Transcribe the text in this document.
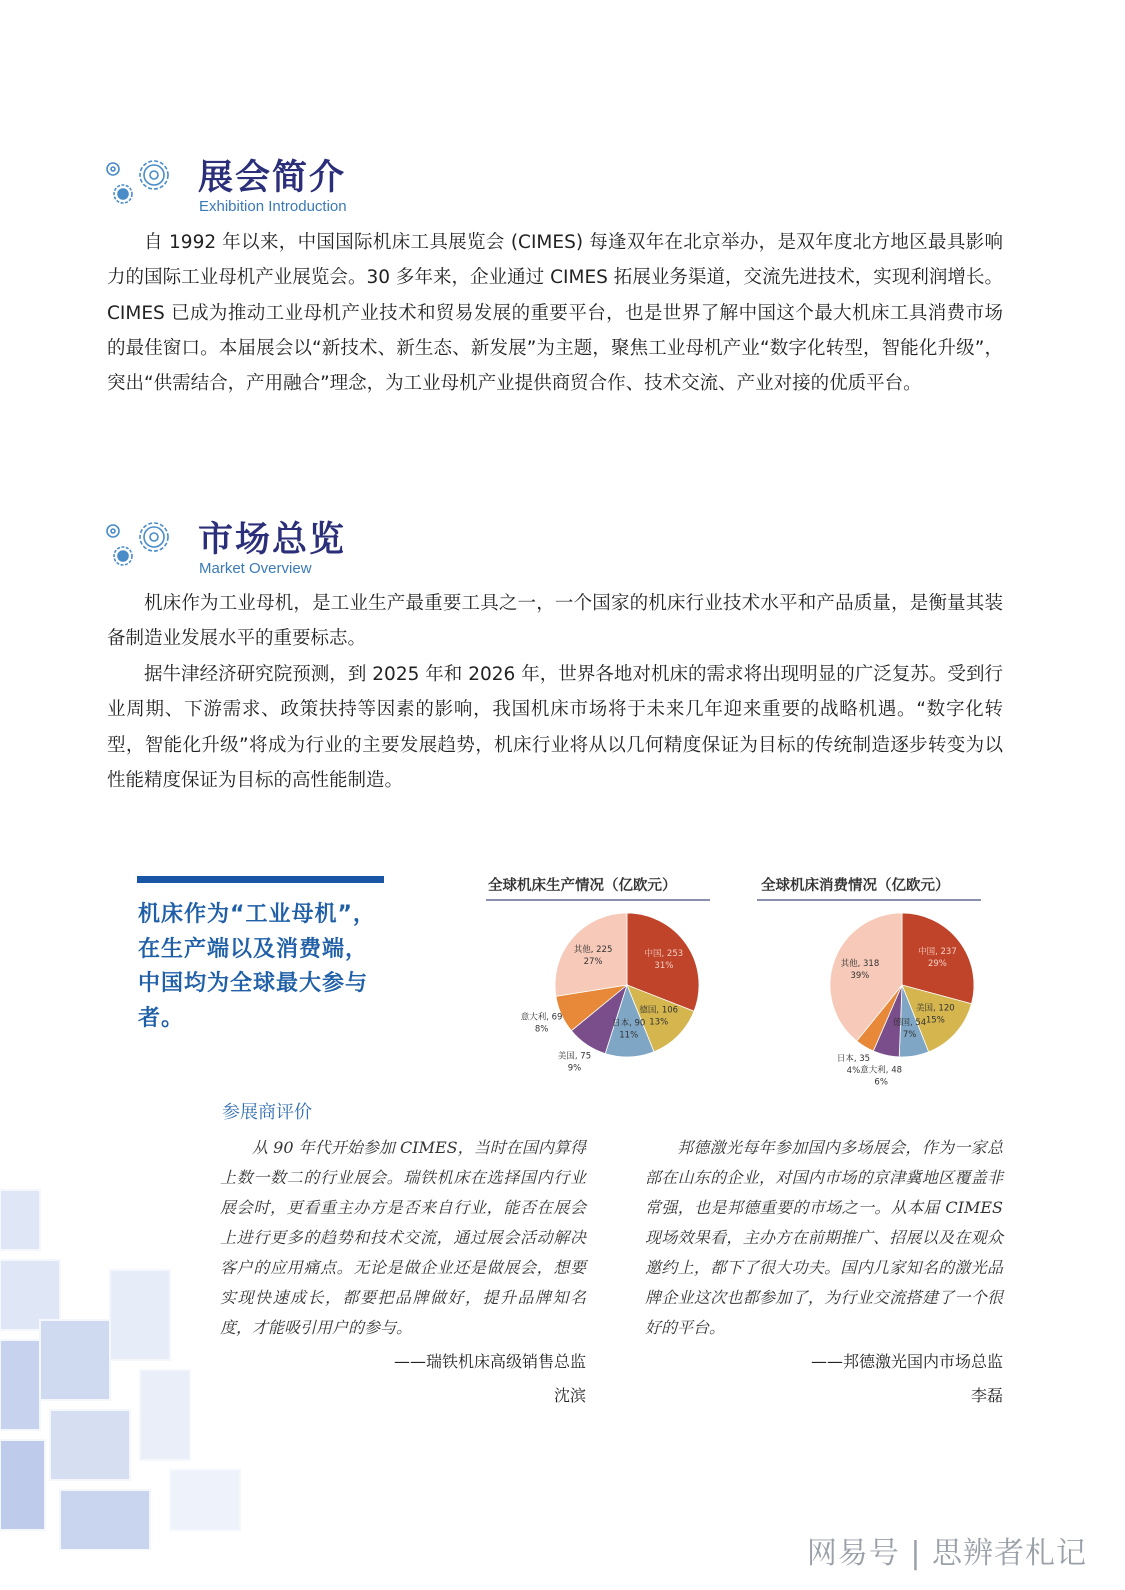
展会简介
Exhibition Introduction

自 1992 年以来，中国国际机床工具展览会 (CIMES) 每逢双年在北京举办，是双年度北方地区最具影响力的国际工业母机产业展览会。30 多年来，企业通过 CIMES 拓展业务渠道，交流先进技术，实现利润增长。CIMES 已成为推动工业母机产业技术和贸易发展的重要平台，也是世界了解中国这个最大机床工具消费市场的最佳窗口。本届展会以“新技术、新生态、新发展”为主题，聚焦工业母机产业“数字化转型，智能化升级”，突出“供需结合，产用融合”理念，为工业母机产业提供商贸合作、技术交流、产业对接的优质平台。

市场总览
Market Overview

机床作为工业母机，是工业生产最重要工具之一，一个国家的机床行业技术水平和产品质量，是衡量其装备制造业发展水平的重要标志。

据牛津经济研究院预测，到 2025 年和 2026 年，世界各地对机床的需求将出现明显的广泛复苏。受到行业周期、下游需求、政策扶持等因素的影响，我国机床市场将于未来几年迎来重要的战略机遇。“数字化转型，智能化升级”将成为行业的主要发展趋势，机床行业将从以几何精度保证为目标的传统制造逐步转变为以性能精度保证为目标的高性能制造。

机床作为“工业母机”，在生产端以及消费端，中国均为全球最大参与者。
全球机床生产情况（亿欧元）
中国, 253 31%
德国, 106 13%
日本, 90 11%
美国, 75 9%
意大利, 69 8%
其他, 225 27%
全球机床消费情况（亿欧元）
中国, 237 29%
美国, 120 15%
德国, 54 7%
意大利, 48 6%
日本, 35 4%
其他, 318 39%
参展商评价

从 90 年代开始参加 CIMES，当时在国内算得上数一数二的行业展会。瑞铁机床在选择国内行业展会时，更看重主办方是否来自行业，能否在展会上进行更多的趋势和技术交流，通过展会活动解决客户的应用痛点。无论是做企业还是做展会，想要实现快速成长，都要把品牌做好，提升品牌知名度，才能吸引用户的参与。

——瑞铁机床高级销售总监
沈滨

邦德激光每年参加国内多场展会，作为一家总部在山东的企业，对国内市场的京津冀地区覆盖非常强，也是邦德重要的市场之一。从本届 CIMES 现场效果看，主办方在前期推广、招展以及在观众邀约上，都下了很大功夫。国内几家知名的激光品牌企业这次也都参加了，为行业交流搭建了一个很好的平台。

——邦德激光国内市场总监
李磊
网易号 | 思辨者札记
